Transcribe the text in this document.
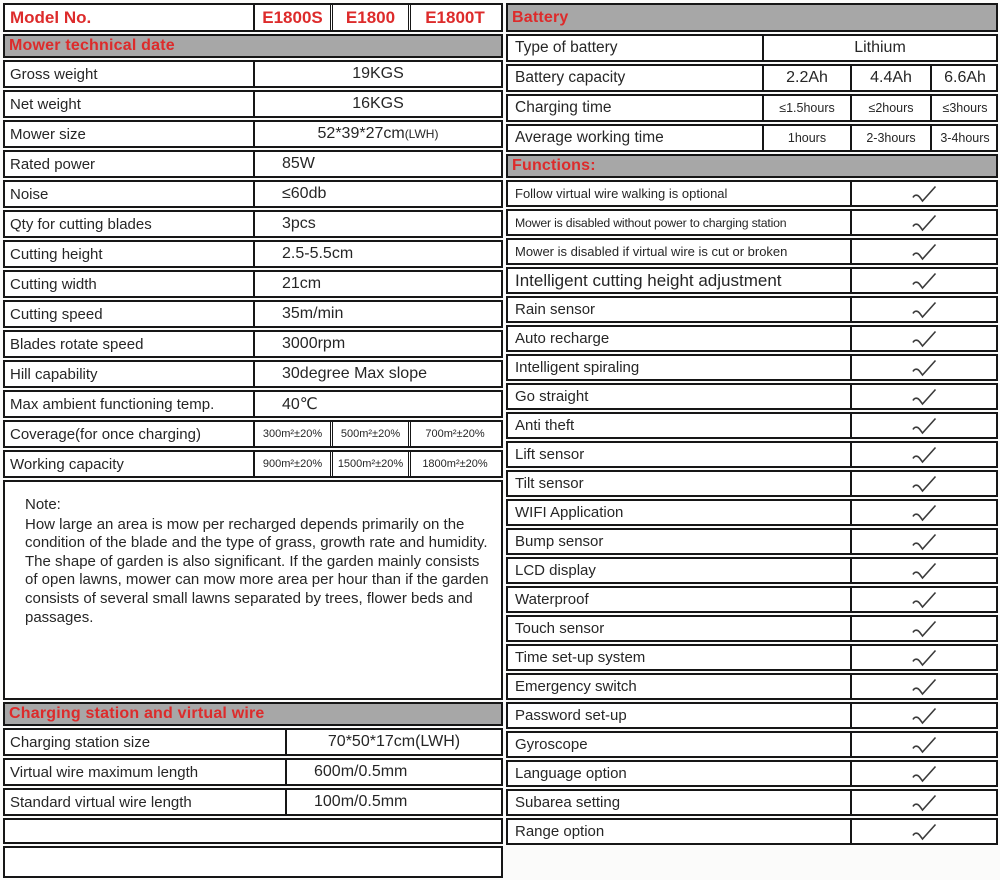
Model No.	E1800S	E1800	E1800T
Mower technical date
Gross weight	19KGS
Net weight	16KGS
Mower size	52*39*27cm (LWH)
Rated power	85W
Noise	≤60db
Qty for cutting blades	3pcs
Cutting height	2.5-5.5cm
Cutting width	21cm
Cutting speed	35m/min
Blades rotate speed	3000rpm
Hill capability	30degree Max slope
Max ambient functioning temp.	40℃
Coverage(for once charging)	300m²±20%	500m²±20%	700m²±20%
Working capacity	900m²±20%	1500m²±20%	1800m²±20%

Note:

How large an area is mow per recharged depends primarily on the condition of the blade and the type of grass, growth rate and humidity. The shape of garden is also significant. If the garden mainly consists of open lawns, mower can mow more area per hour than if the garden consists of several small lawns separated by trees, flower beds and passages.

Charging station and virtual wire
Charging station size	70*50*17cm(LWH)
Virtual wire maximum length	600m/0.5mm
Standard virtual wire length	100m/0.5mm
Battery
Type of battery	Lithium
Battery capacity	2.2Ah	4.4Ah	6.6Ah
Charging time	≤1.5hours	≤2hours	≤3hours
Average working time	1hours	2-3hours	3-4hours
Functions:
Follow virtual wire walking is optional
Mower is disabled without power to charging station
Mower is disabled if virtual wire is cut or broken
Intelligent cutting height adjustment
Rain sensor
Auto recharge
Intelligent spiraling
Go straight
Anti theft
Lift sensor
Tilt sensor
WIFI Application
Bump sensor
LCD display
Waterproof
Touch sensor
Time set-up system
Emergency switch
Password set-up
Gyroscope
Language option
Subarea setting
Range option
